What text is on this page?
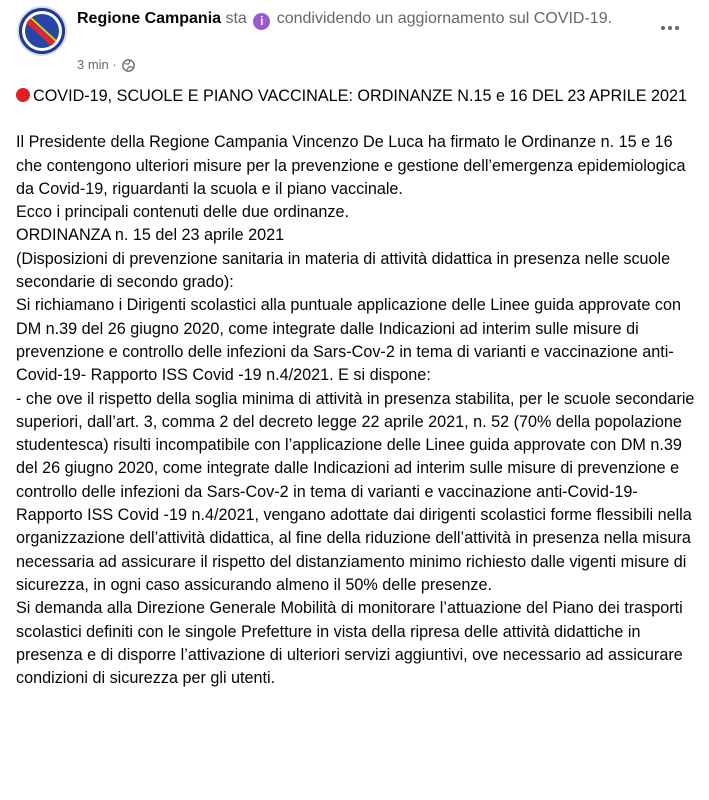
Regione Campania sta i condividendo un aggiornamento sul COVID-19.
3 min ·

COVID-19, SCUOLE E PIANO VACCINALE: ORDINANZE N.15 e 16 DEL 23 APRILE 2021

Il Presidente della Regione Campania Vincenzo De Luca ha firmato le Ordinanze n. 15 e 16 che contengono ulteriori misure per la prevenzione e gestione dell’emergenza epidemiologica da Covid-19, riguardanti la scuola e il piano vaccinale.

Ecco i principali contenuti delle due ordinanze.

ORDINANZA n. 15 del 23 aprile 2021

(Disposizioni di prevenzione sanitaria in materia di attività didattica in presenza nelle scuole secondarie di secondo grado):

Si richiamano i Dirigenti scolastici alla puntuale applicazione delle Linee guida approvate con DM n.39 del 26 giugno 2020, come integrate dalle Indicazioni ad interim sulle misure di prevenzione e controllo delle infezioni da Sars-Cov-2 in tema di varianti e vaccinazione anti-Covid-19- Rapporto ISS Covid -19 n.4/2021. E si dispone:

- che ove il rispetto della soglia minima di attività in presenza stabilita, per le scuole secondarie superiori, dall’art. 3, comma 2 del decreto legge 22 aprile 2021, n. 52 (70% della popolazione studentesca) risulti incompatibile con l’applicazione delle Linee guida approvate con DM n.39 del 26 giugno 2020, come integrate dalle Indicazioni ad interim sulle misure di prevenzione e controllo delle infezioni da Sars-Cov-2 in tema di varianti e vaccinazione anti-Covid-19- Rapporto ISS Covid -19 n.4/2021, vengano adottate dai dirigenti scolastici forme flessibili nella organizzazione dell’attività didattica, al fine della riduzione dell’attività in presenza nella misura necessaria ad assicurare il rispetto del distanziamento minimo richiesto dalle vigenti misure di sicurezza, in ogni caso assicurando almeno il 50% delle presenze.

Si demanda alla Direzione Generale Mobilità di monitorare l’attuazione del Piano dei trasporti scolastici definiti con le singole Prefetture in vista della ripresa delle attività didattiche in presenza e di disporre l’attivazione di ulteriori servizi aggiuntivi, ove necessario ad assicurare condizioni di sicurezza per gli utenti.
